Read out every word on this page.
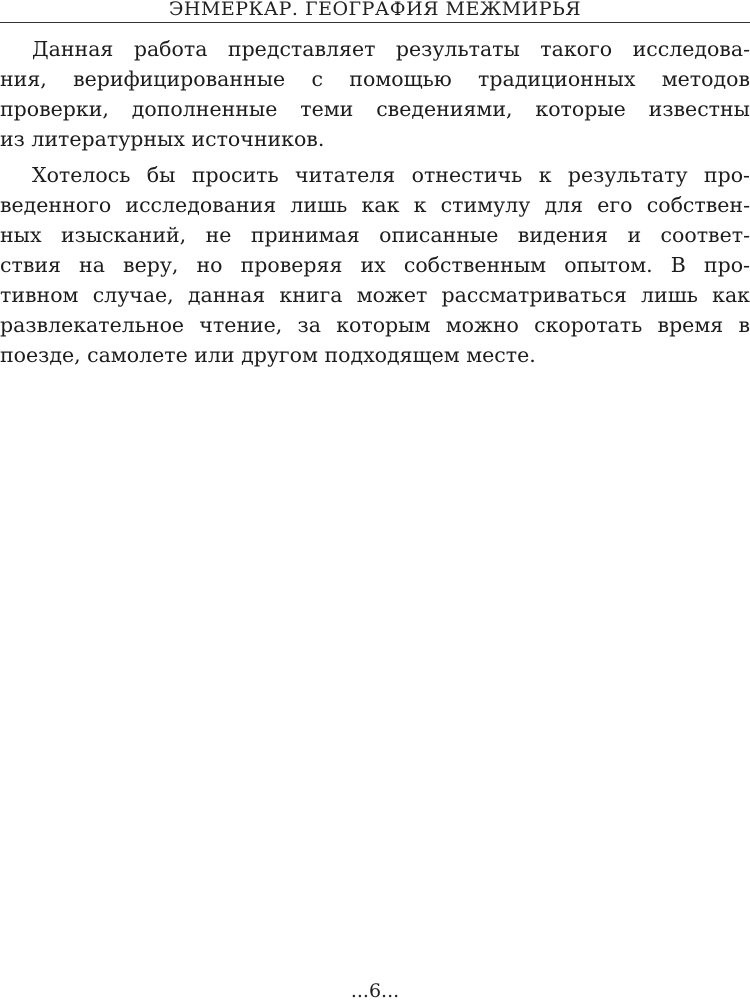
ЭНМЕРКАР. ГЕОГРАФИЯ МЕЖМИРЬЯ
Данная работа представляет результаты такого исследова-
ния, верифицированные с помощью традиционных методов
проверки, дополненные теми сведениями, которые известны
из литературных источников.
Хотелось бы просить читателя отнестичь к результату про-
веденного исследования лишь как к стимулу для его собствен-
ных изысканий, не принимая описанные видения и соответ-
ствия на веру, но проверяя их собственным опытом. В про-
тивном случае, данная книга может рассматриваться лишь как
развлекательное чтение, за которым можно скоротать время в
поезде, самолете или другом подходящем месте.
...6...
